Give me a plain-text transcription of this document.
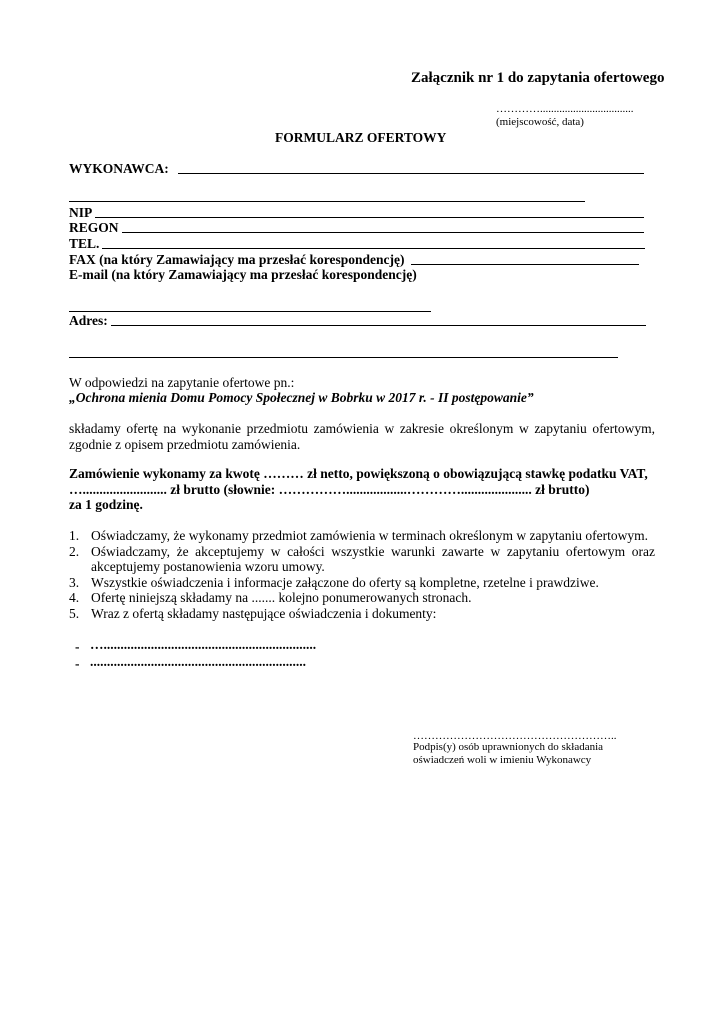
Załącznik nr 1 do zapytania ofertowego
…………..................................
(miejscowość, data)
FORMULARZ OFERTOWY
WYKONAWCA:
NIP
REGON
TEL.
FAX (na który Zamawiający ma przesłać korespondencję)
E-mail (na który Zamawiający ma przesłać korespondencję)
Adres:
W odpowiedzi na zapytanie ofertowe pn.:
„Ochrona mienia Domu Pomocy Społecznej w Bobrku w 2017 r. - II postępowanie”
składamy ofertę na wykonanie przedmiotu zamówienia w zakresie określonym w zapytaniu ofertowym, zgodnie z opisem przedmiotu zamówienia.
Zamówienie wykonamy za kwotę ……… zł netto, powiększoną o obowiązującą stawkę podatku VAT,
…......................... zł brutto (słownie: ……………..................…………..................... zł brutto)
za 1 godzinę.
1. Oświadczamy, że wykonamy przedmiot zamówienia w terminach określonym w zapytaniu ofertowym.
2. Oświadczamy, że akceptujemy w całości wszystkie warunki zawarte w zapytaniu ofertowym oraz akceptujemy postanowienia wzoru umowy.
3. Wszystkie oświadczenia i informacje załączone do oferty są kompletne, rzetelne i prawdziwe.
4. Ofertę niniejszą składamy na ....... kolejno ponumerowanych stronach.
5. Wraz z ofertą składamy następujące oświadczenia i dokumenty:
- …...............................................................
- ................................................................
………………………………………………..
Podpis(y) osób uprawnionych do składania
oświadczeń woli w imieniu Wykonawcy
